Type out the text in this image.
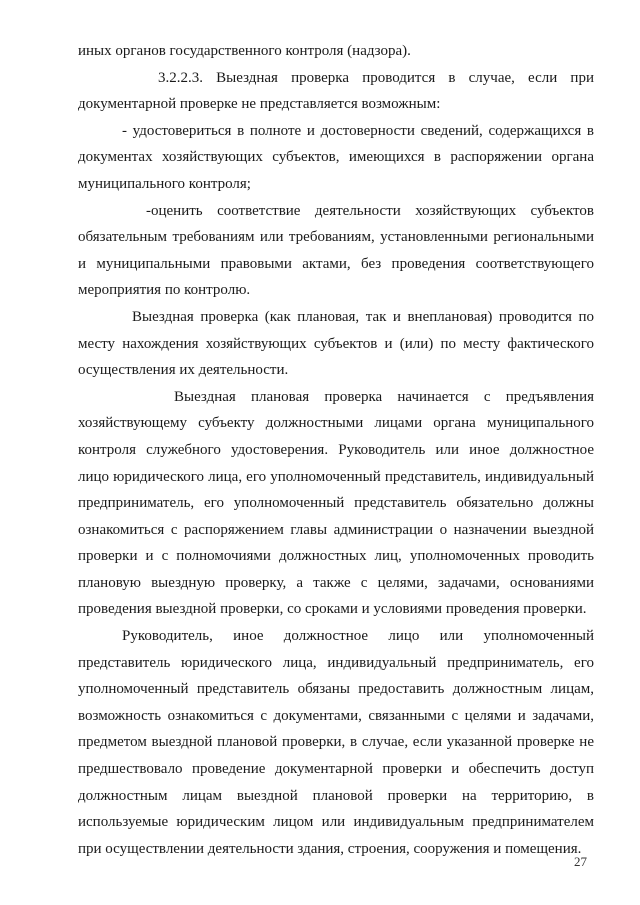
иных органов государственного контроля (надзора).
3.2.2.3. Выездная проверка проводится в случае, если при
документарной проверке не представляется возможным:
- удостовериться в полноте и достоверности сведений, содержащихся в
документах хозяйствующих субъектов, имеющихся в распоряжении органа
муниципального контроля;
-оценить соответствие деятельности хозяйствующих субъектов
обязательным требованиям или требованиям, установленными региональными
и муниципальными правовыми актами, без проведения соответствующего
мероприятия по контролю.
Выездная проверка (как плановая, так и внеплановая) проводится по
месту нахождения хозяйствующих субъектов и (или) по месту фактического
осуществления их деятельности.
Выездная плановая проверка начинается с предъявления
хозяйствующему субъекту должностными лицами органа муниципального
контроля служебного удостоверения. Руководитель или иное должностное
лицо юридического лица, его уполномоченный представитель, индивидуальный
предприниматель, его уполномоченный представитель обязательно должны
ознакомиться с распоряжением главы администрации о назначении выездной
проверки и с полномочиями должностных лиц, уполномоченных проводить
плановую выездную проверку, а также с целями, задачами, основаниями
проведения выездной проверки, со сроками и условиями проведения проверки.
Руководитель, иное должностное лицо или уполномоченный
представитель юридического лица, индивидуальный предприниматель, его
уполномоченный представитель обязаны предоставить должностным лицам,
возможность ознакомиться с документами, связанными с целями и задачами,
предметом выездной плановой проверки, в случае, если указанной проверке не
предшествовало проведение документарной проверки и обеспечить доступ
должностным лицам выездной плановой проверки на территорию, в
используемые юридическим лицом или индивидуальным предпринимателем
при осуществлении деятельности здания, строения, сооружения и помещения.
27
